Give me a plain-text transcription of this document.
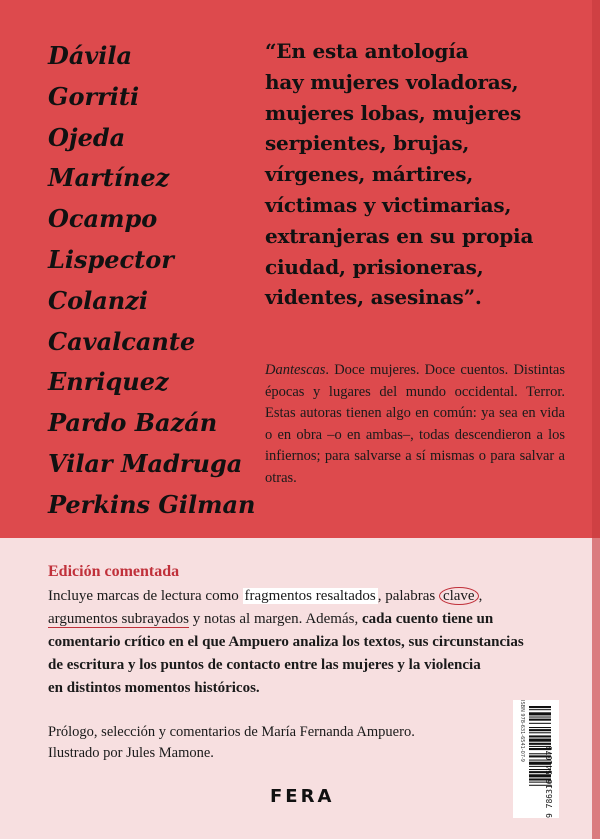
Dávila
Gorriti
Ojeda
Martínez
Ocampo
Lispector
Colanzi
Cavalcante
Enriquez
Pardo Bazán
Vilar Madruga
Perkins Gilman
“En esta antología
hay mujeres voladoras,
mujeres lobas, mujeres
serpientes, brujas,
vírgenes, mártires,
víctimas y victimarias,
extranjeras en su propia
ciudad, prisioneras,
videntes, asesinas”.
Dantescas. Doce mujeres. Doce cuentos. Distintas épocas y lugares del mundo occidental. Terror. Estas autoras tienen algo en común: ya sea en vida o en obra –o en ambas–, todas descendieron a los infiernos; para salvarse a sí mismas o para salvar a otras.
Edición comentada
Incluye marcas de lectura como fragmentos resaltados , palabras clave ,
argumentos subrayados y notas al margen. Además, cada cuento tiene un
comentario crítico en el que Ampuero analiza los textos, sus circunstancias
de escritura y los puntos de contacto entre las mujeres y la violencia
en distintos momentos históricos.
Prólogo, selección y comentarios de María Fernanda Ampuero.
Ilustrado por Jules Mamone.
FERA
ISBN 978-631-6541-07-9
9 786316 541079
